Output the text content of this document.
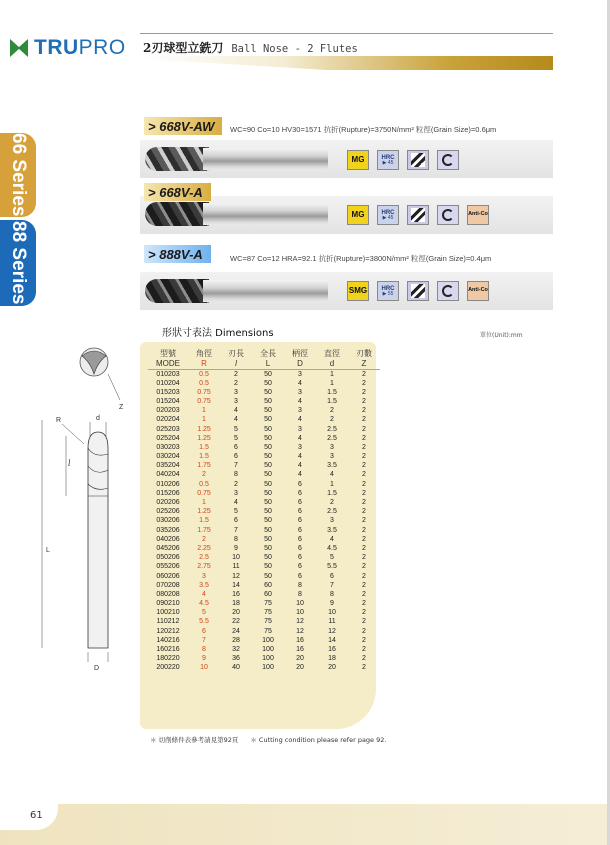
TRUPRO 2刃球型立銑刀 Ball Nose - 2 Flutes
66 Series
88 Series
> 668V-AW WC=90 Co=10 HV30=1571 抗折(Rupture)=3750N/mm² 粒徑(Grain Size)=0.6μm
MG	HRC
▶ 45
> 668V-A
MG	HRC
▶ 45
Anti-Co
> 888V-A	WC=87 Co=12 HRA=92.1 抗折(Rupture)=3800N/mm² 粒徑(Grain Size)=0.4μm
SMG	HRC
▶ 55
Anti-Co
形狀寸表法 Dimensions	單位(Unit):mm
型號	角徑	刃長	全長	柄徑	直徑	刃數
MODE	R	l	L	D	d	Z
010203	0.5	2	50	3	1	2
010204	0.5	2	50	4	1	2
015203	0.75	3	50	3	1.5	2
015204	0.75	3	50	4	1.5	2
020203	1	4	50	3	2	2
020204	1	4	50	4	2	2
025203	1.25	5	50	3	2.5	2
025204	1.25	5	50	4	2.5	2
030203	1.5	6	50	3	3	2
030204	1.5	6	50	4	3	2
035204	1.75	7	50	4	3.5	2
040204	2	8	50	4	4	2
010206	0.5	2	50	6	1	2
015206	0.75	3	50	6	1.5	2
020206	1	4	50	6	2	2
025206	1.25	5	50	6	2.5	2
030206	1.5	6	50	6	3	2
035206	1.75	7	50	6	3.5	2
040206	2	8	50	6	4	2
045206	2.25	9	50	6	4.5	2
050206	2.5	10	50	6	5	2
055206	2.75	11	50	6	5.5	2
060206	3	12	50	6	6	2
070208	3.5	14	60	8	7	2
080208	4	16	60	8	8	2
090210	4.5	18	75	10	9	2
100210	5	20	75	10	10	2
110212	5.5	22	75	12	11	2
120212	6	24	75	12	12	2
140216	7	28	100	16	14	2
160216	8	32	100	16	16	2
180220	9	36	100	20	18	2
200220	10	40	100	20	20	2
Z
R	d
l
L
D
＊ 切削條件表參考請見第92頁 ＊ Cutting condition please refer page 92.
61
